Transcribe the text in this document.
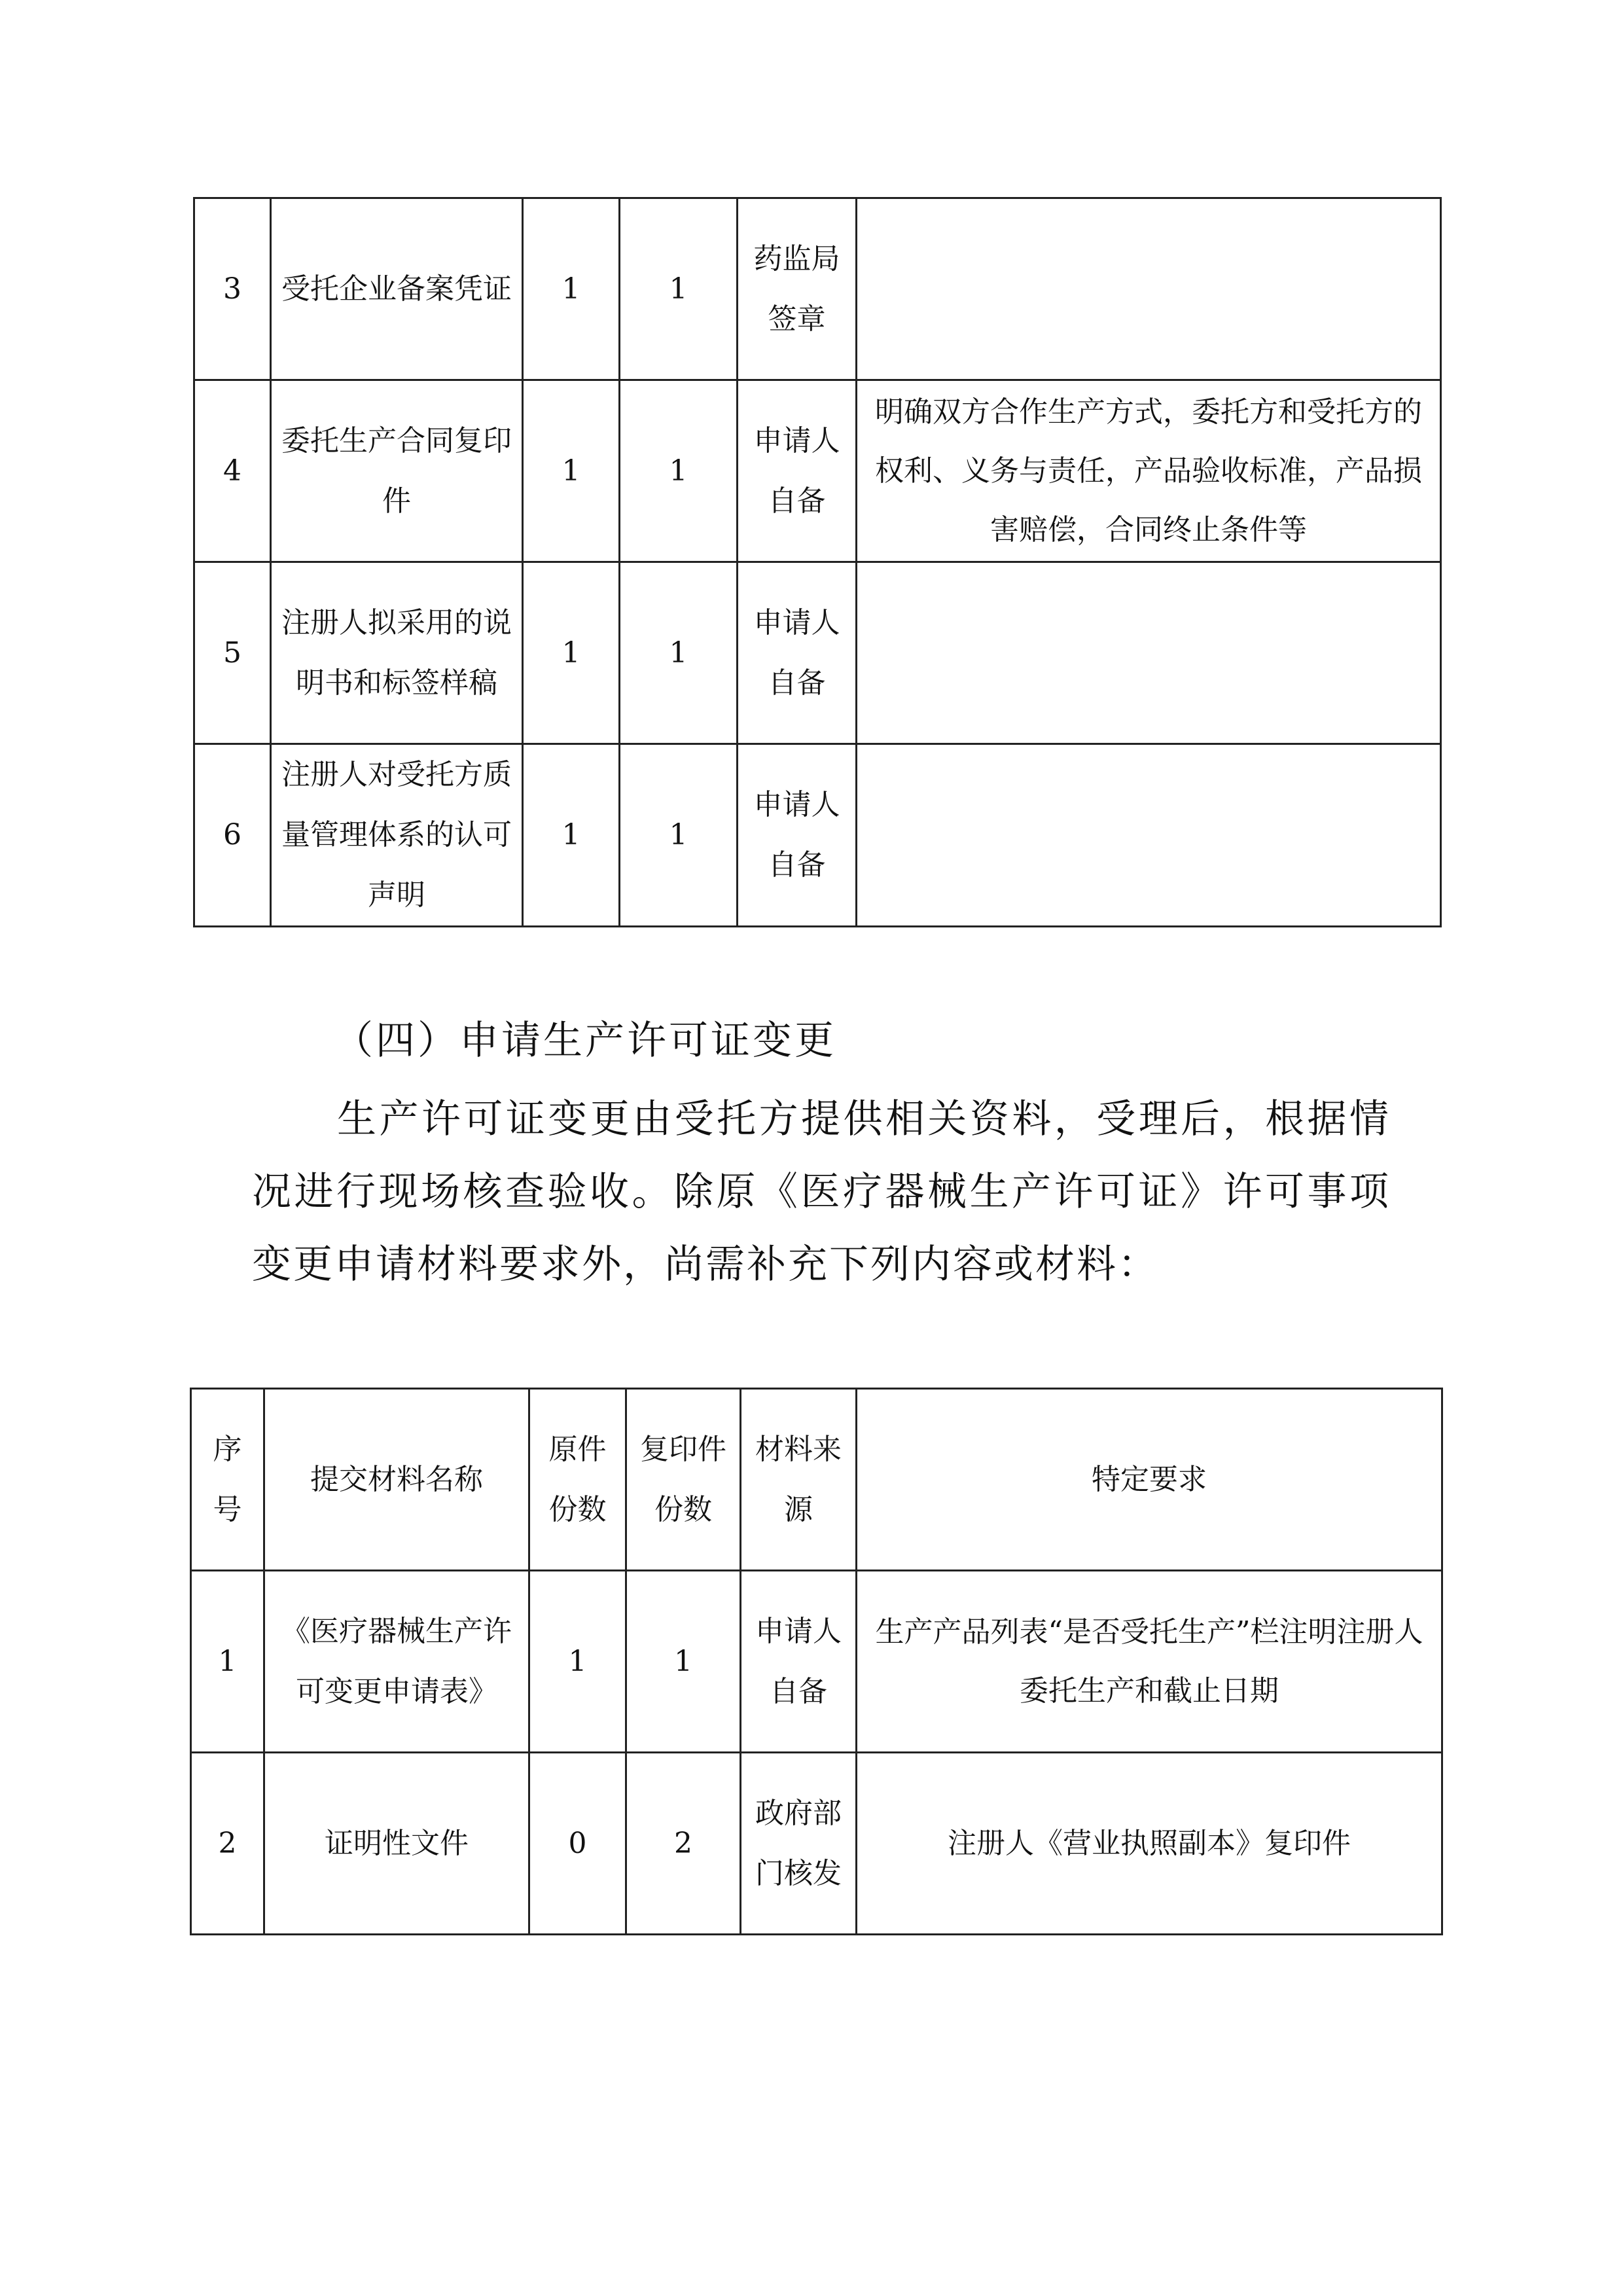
3	受托企业备案凭证	1	1	药监局签章	
4	委托生产合同复印件	1	1	申请人自备	明确双方合作生产方式，委托方和受托方的权利、义务与责任，产品验收标准，产品损害赔偿，合同终止条件等
5	注册人拟采用的说明书和标签样稿	1	1	申请人自备	
6	注册人对受托方质量管理体系的认可声明	1	1	申请人自备	
（四）申请生产许可证变更
生产许可证变更由受托方提供相关资料，受理后，根据情况进行现场核查验收。除原《医疗器械生产许可证》许可事项变更申请材料要求外，尚需补充下列内容或材料：
序号	提交材料名称	原件份数	复印件份数	材料来源	特定要求
1	《医疗器械生产许可变更申请表》	1	1	申请人自备	生产产品列表“是否受托生产”栏注明注册人委托生产和截止日期
2	证明性文件	0	2	政府部门核发	注册人《营业执照副本》复印件
